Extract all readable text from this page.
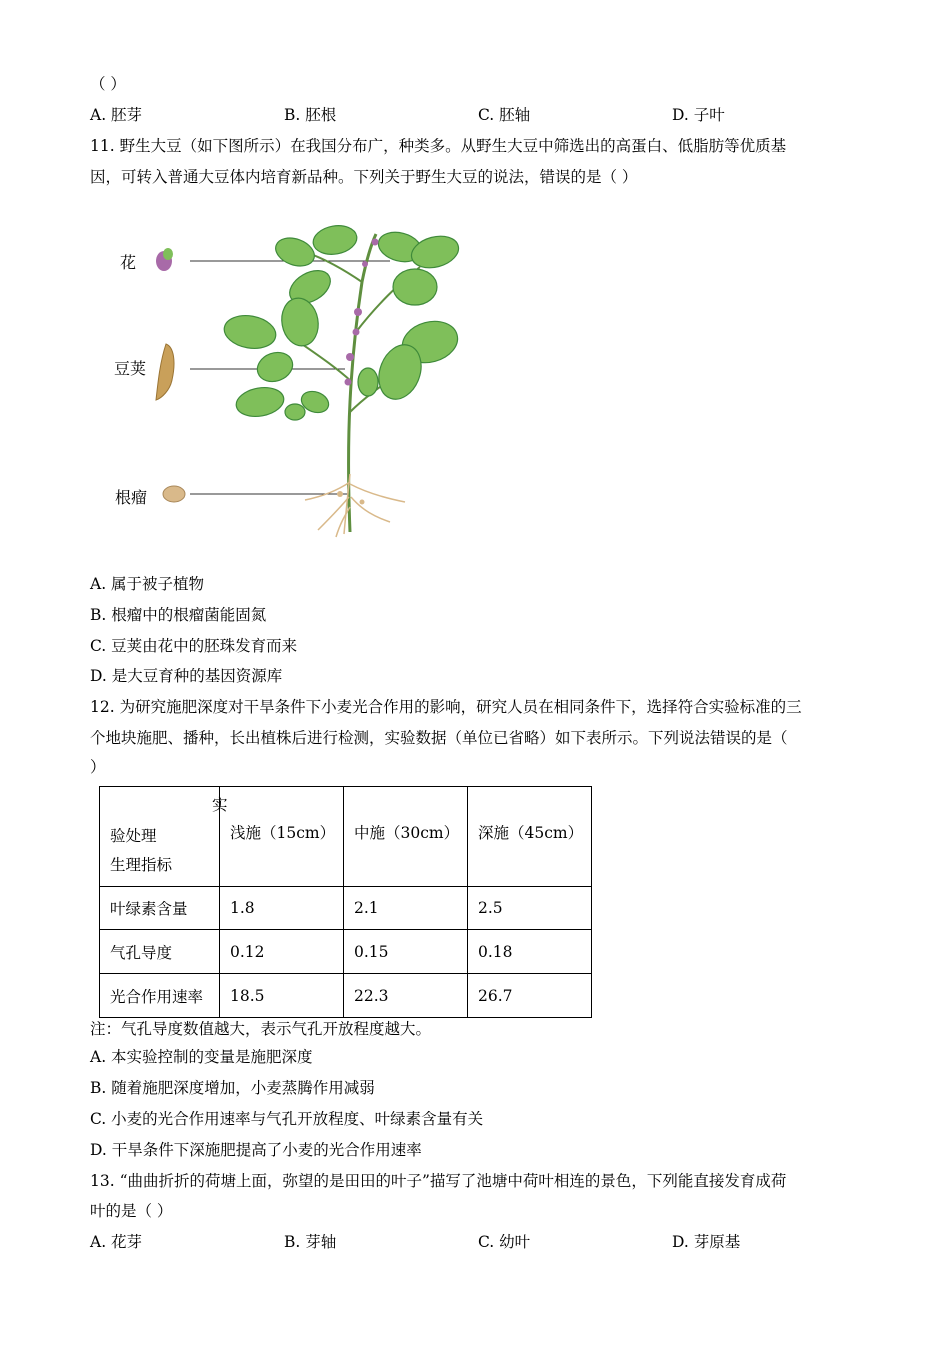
（ ）
A. 胚芽	B. 胚根	C. 胚轴	D. 子叶
11. 野生大豆（如下图所示）在我国分布广，种类多。从野生大豆中筛选出的高蛋白、低脂肪等优质基
因，可转入普通大豆体内培育新品种。下列关于野生大豆的说法，错误的是（ ）
花
豆荚
根瘤
A. 属于被子植物
B. 根瘤中的根瘤菌能固氮
C. 豆荚由花中的胚珠发育而来
D. 是大豆育种的基因资源库
12. 为研究施肥深度对干旱条件下小麦光合作用的影响，研究人员在相同条件下，选择符合实验标准的三
个地块施肥、播种，长出植株后进行检测，实验数据（单位已省略）如下表所示。下列说法错误的是（
）
实
验处理
生理指标	浅施（15cm）	中施（30cm）	深施（45cm）
叶绿素含量	1.8	2.1	2.5
气孔导度	0.12	0.15	0.18
光合作用速率	18.5	22.3	26.7
注：气孔导度数值越大，表示气孔开放程度越大。
A. 本实验控制的变量是施肥深度
B. 随着施肥深度增加，小麦蒸腾作用减弱
C. 小麦的光合作用速率与气孔开放程度、叶绿素含量有关
D. 干旱条件下深施肥提高了小麦的光合作用速率
13. “曲曲折折的荷塘上面，弥望的是田田的叶子”描写了池塘中荷叶相连的景色，下列能直接发育成荷
叶的是（ ）
A. 花芽	B. 芽轴	C. 幼叶	D. 芽原基
